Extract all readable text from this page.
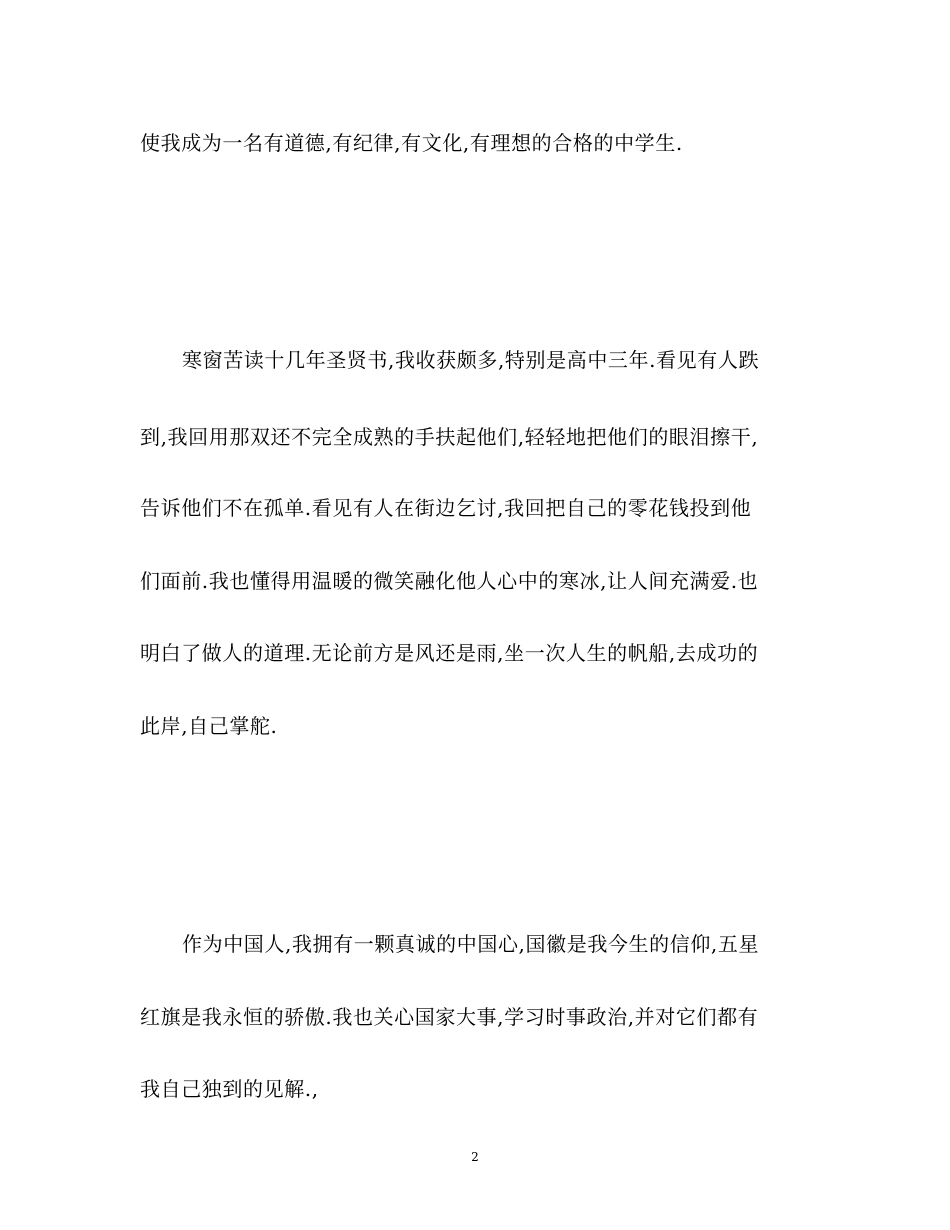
使我成为一名有道德,有纪律,有文化,有理想的合格的中学生.
寒窗苦读十几年圣贤书,我收获颇多,特别是高中三年.看见有人跌
到,我回用那双还不完全成熟的手扶起他们,轻轻地把他们的眼泪擦干,
告诉他们不在孤单.看见有人在街边乞讨,我回把自己的零花钱投到他
们面前.我也懂得用温暖的微笑融化他人心中的寒冰,让人间充满爱.也
明白了做人的道理.无论前方是风还是雨,坐一次人生的帆船,去成功的
此岸,自己掌舵.
作为中国人,我拥有一颗真诚的中国心,国徽是我今生的信仰,五星
红旗是我永恒的骄傲.我也关心国家大事,学习时事政治,并对它们都有
我自己独到的见解.,
2
